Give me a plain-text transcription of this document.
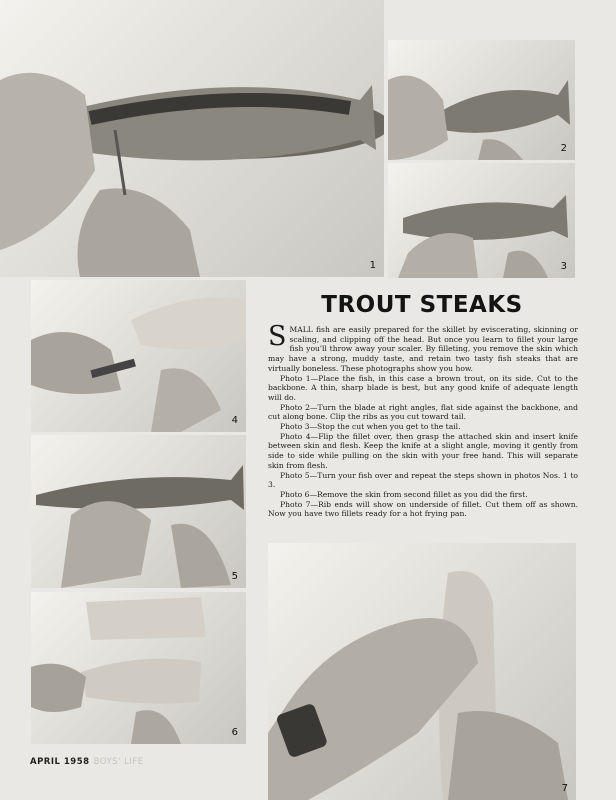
1
2
3
TROUT STEAKS

SMALL fish are easily prepared for the skillet by eviscerating, skinning or scaling, and clipping off the head. But once you learn to fillet your large fish you'll throw away your scaler. By filleting, you remove the skin which may have a strong, muddy taste, and retain two tasty fish steaks that are virtually boneless. These photographs show you how.

Photo 1—Place the fish, in this case a brown trout, on its side. Cut to the backbone. A thin, sharp blade is best, but any good knife of adequate length will do.

Photo 2—Turn the blade at right angles, flat side against the backbone, and cut along bone. Clip the ribs as you cut toward tail.

Photo 3—Stop the cut when you get to the tail.

Photo 4—Flip the fillet over, then grasp the attached skin and insert knife between skin and flesh. Keep the knife at a slight angle, moving it gently from side to side while pulling on the skin with your free hand. This will separate skin from flesh.

Photo 5—Turn your fish over and repeat the steps shown in photos Nos. 1 to 3.

Photo 6—Remove the skin from second fillet as you did the first.

Photo 7—Rib ends will show on underside of fillet. Cut them off as shown. Now you have two fillets ready for a hot frying pan.

4
5
6
7
APRIL 1958 BOYS' LIFE
